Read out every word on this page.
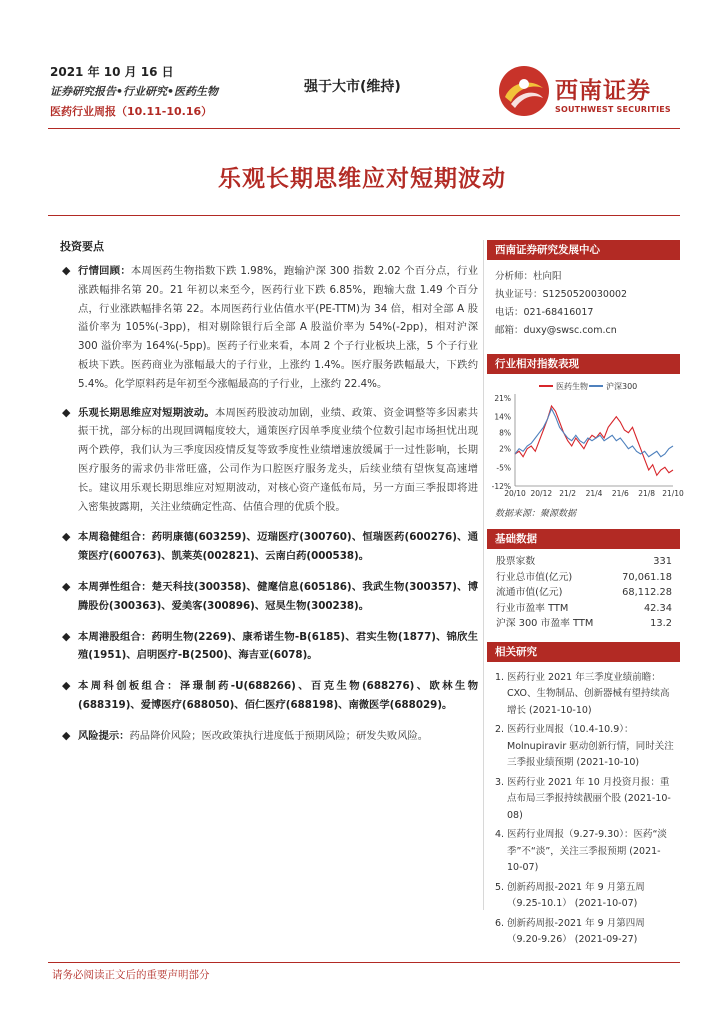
2021 年 10 月 16 日
证券研究报告•行业研究•医药生物
医药行业周报（10.11-10.16）
强于大市(维持)	西南证券
SOUTHWEST SECURITIES
乐观长期思维应对短期波动
投资要点
◆ 行情回顾：本周医药生物指数下跌 1.98%，跑输沪深 300 指数 2.02 个百分点，行业涨跌幅排名第 20。21 年初以来至今，医药行业下跌 6.85%，跑输大盘 1.49 个百分点，行业涨跌幅排名第 22。本周医药行业估值水平(PE-TTM)为 34 倍，相对全部 A 股溢价率为 105%(-3pp)，相对剔除银行后全部 A 股溢价率为 54%(-2pp)，相对沪深 300 溢价率为 164%(-5pp)。医药子行业来看，本周 2 个子行业板块上涨，5 个子行业板块下跌。医药商业为涨幅最大的子行业，上涨约 1.4%。医疗服务跌幅最大，下跌约 5.4%。化学原料药是年初至今涨幅最高的子行业，上涨约 22.4%。
◆ 乐观长期思维应对短期波动。本周医药股波动加剧，业绩、政策、资金调整等多因素共振干扰，部分标的出现回调幅度较大，通策医疗因单季度业绩个位数引起市场担忧出现两个跌停，我们认为三季度因疫情反复等致季度性业绩增速放缓属于一过性影响，长期医疗服务的需求仍非常旺盛，公司作为口腔医疗服务龙头，后续业绩有望恢复高速增长。建议用乐观长期思维应对短期波动，对核心资产逢低布局，另一方面三季报即将进入密集披露期，关注业绩确定性高、估值合理的优质个股。
◆ 本周稳健组合：药明康德(603259)、迈瑞医疗(300760)、恒瑞医药(600276)、通策医疗(600763)、凯莱英(002821)、云南白药(000538)。
◆ 本周弹性组合：楚天科技(300358)、健麾信息(605186)、我武生物(300357)、博腾股份(300363)、爱美客(300896)、冠昊生物(300238)。
◆ 本周港股组合：药明生物(2269)、康希诺生物-B(6185)、君实生物(1877)、锦欣生殖(1951)、启明医疗-B(2500)、海吉亚(6078)。
◆ 本周科创板组合：泽璟制药-U(688266)、百克生物(688276)、欧林生物(688319)、爱博医疗(688050)、佰仁医疗(688198)、南微医学(688029)。
◆ 风险提示：药品降价风险；医改政策执行进度低于预期风险；研发失败风险。
西南证券研究发展中心
分析师：杜向阳
执业证号：S1250520030002
电话：021-68416017
邮箱：duxy@swsc.com.cn
行业相对指数表现
医药生物 沪深300
21%
14%
8%
2%
-5%
-12%
20/10 20/12 21/2 21/4 21/6 21/8 21/10
数据来源：聚源数据
基础数据
股票家数	331
行业总市值(亿元)	70,061.18
流通市值(亿元)	68,112.28
行业市盈率 TTM	42.34
沪深 300 市盈率 TTM	13.2
相关研究
1. 医药行业 2021 年三季度业绩前瞻：CXO、生物制品、创新器械有望持续高增长 (2021-10-10)
2. 医药行业周报（10.4-10.9）：Molnupiravir 驱动创新行情，同时关注三季报业绩预期 (2021-10-10)
3. 医药行业 2021 年 10 月投资月报：重点布局三季报持续靓丽个股 (2021-10-08)
4. 医药行业周报（9.27-9.30）：医药“淡季”不“淡”，关注三季报预期 (2021-10-07)
5. 创新药周报-2021 年 9 月第五周（9.25-10.1） (2021-10-07)
6. 创新药周报-2021 年 9 月第四周（9.20-9.26） (2021-09-27)
请务必阅读正文后的重要声明部分
